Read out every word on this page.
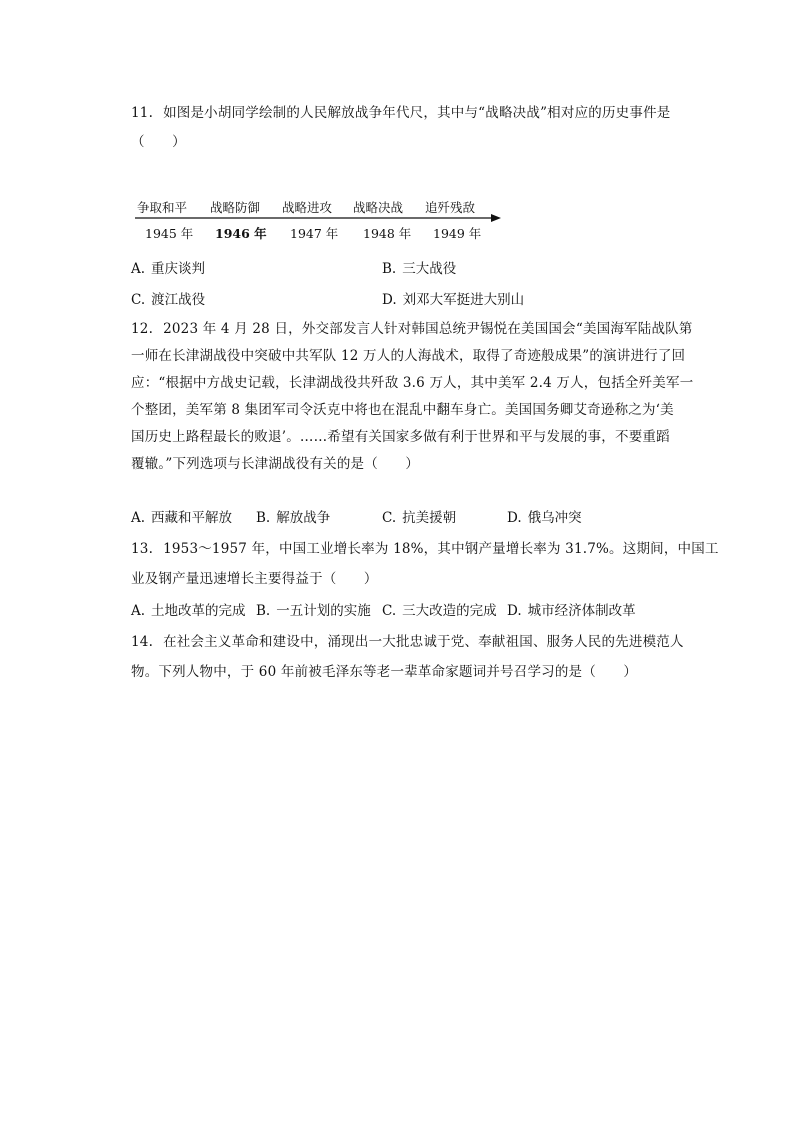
11. 如图是小胡同学绘制的人民解放战争年代尺，其中与“战略决战”相对应的历史事件是
（　　）
争取和平 战略防御 战略进攻 战略决战 追歼残敌
1945 年 1946 年 1947 年 1948 年 1949 年
A. 重庆谈判	B. 三大战役
C. 渡江战役	D. 刘邓大军挺进大别山
12. 2023 年 4 月 28 日，外交部发言人针对韩国总统尹锡悦在美国国会“美国海军陆战队第
一师在长津湖战役中突破中共军队 12 万人的人海战术，取得了奇迹般成果”的演讲进行了回
应：“根据中方战史记载，长津湖战役共歼敌 3.6 万人，其中美军 2.4 万人，包括全歼美军一
个整团，美军第 8 集团军司令沃克中将也在混乱中翻车身亡。美国国务卿艾奇逊称之为‘美
国历史上路程最长的败退’。……希望有关国家多做有利于世界和平与发展的事，不要重蹈
覆辙。”下列选项与长津湖战役有关的是（　　）
A. 西藏和平解放 B. 解放战争	C. 抗美援朝	D. 俄乌冲突
13. 1953～1957 年，中国工业增长率为 18%，其中钢产量增长率为 31.7%。这期间，中国工
业及钢产量迅速增长主要得益于（　　）
A. 土地改革的完成 B. 一五计划的实施 C. 三大改造的完成 D. 城市经济体制改革
14. 在社会主义革命和建设中，涌现出一大批忠诚于党、奉献祖国、服务人民的先进模范人
物。下列人物中，于 60 年前被毛泽东等老一辈革命家题词并号召学习的是（　　）
